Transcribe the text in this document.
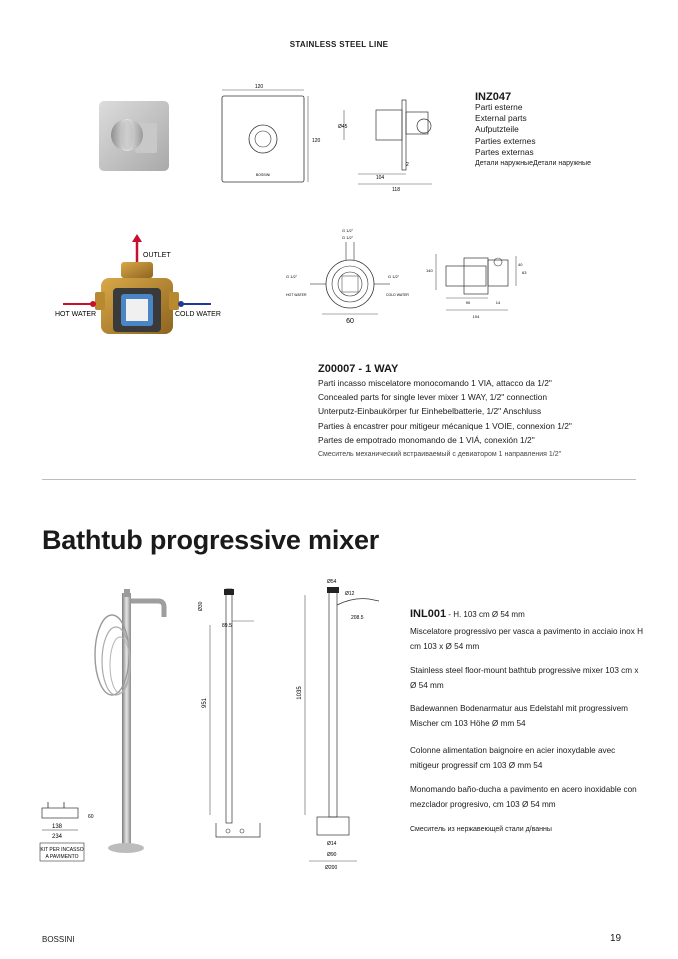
STAINLESS STEEL LINE
120
120
BOSSINI
Ø45
2
104
118
INZ047
Parti esterne
External parts
Aufputzteile
Parties externes
Partes externas
Детали наружныеДетали наружные
OUTLET
HOT WATER	COLD WATER
G 1/2"
G 1/2"
G 1/2"
HOT WATER
G 1/2"
COLD WATER
60
140
40
63
90	14
104
Z00007 - 1 WAY
Parti incasso miscelatore monocomando 1 VIA, attacco da 1/2"
Concealed parts for single lever mixer 1 WAY, 1/2" connection
Unterputz-Einbaukörper fur Einhebelbatterie, 1/2" Anschluss
Parties à encastrer pour mitigeur mécanique 1 VOIE, connexion 1/2"
Partes de empotrado monomando de 1 VIÁ, conexión 1/2"
Смеситель механический встраиваемый с девиатором 1 направления 1/2"
Bathtub progressive mixer
60
138
234
KIT PER INCASSO
A PAVIMENTO
Ø30
89.5
951
Ø54
Ø12
208.5
1035
Ø14
Ø90
Ø200
INL001 - H. 103 cm Ø 54 mm
Miscelatore progressivo per vasca a pavimento in acciaio inox H cm 103 x Ø 54 mm
Stainless steel floor-mount bathtub progressive mixer 103 cm x Ø 54 mm
Badewannen Bodenarmatur aus Edelstahl mit progressivem Mischer cm 103 Höhe Ø mm 54
Colonne alimentation baignoire en acier inoxydable avec mitigeur progressif cm 103 Ø mm 54
Monomando baño-ducha a pavimento en acero inoxidable con mezclador progresivo, cm 103 Ø 54 mm
Смеситель из нержавеющей стали д/ванны
BOSSINI	19
